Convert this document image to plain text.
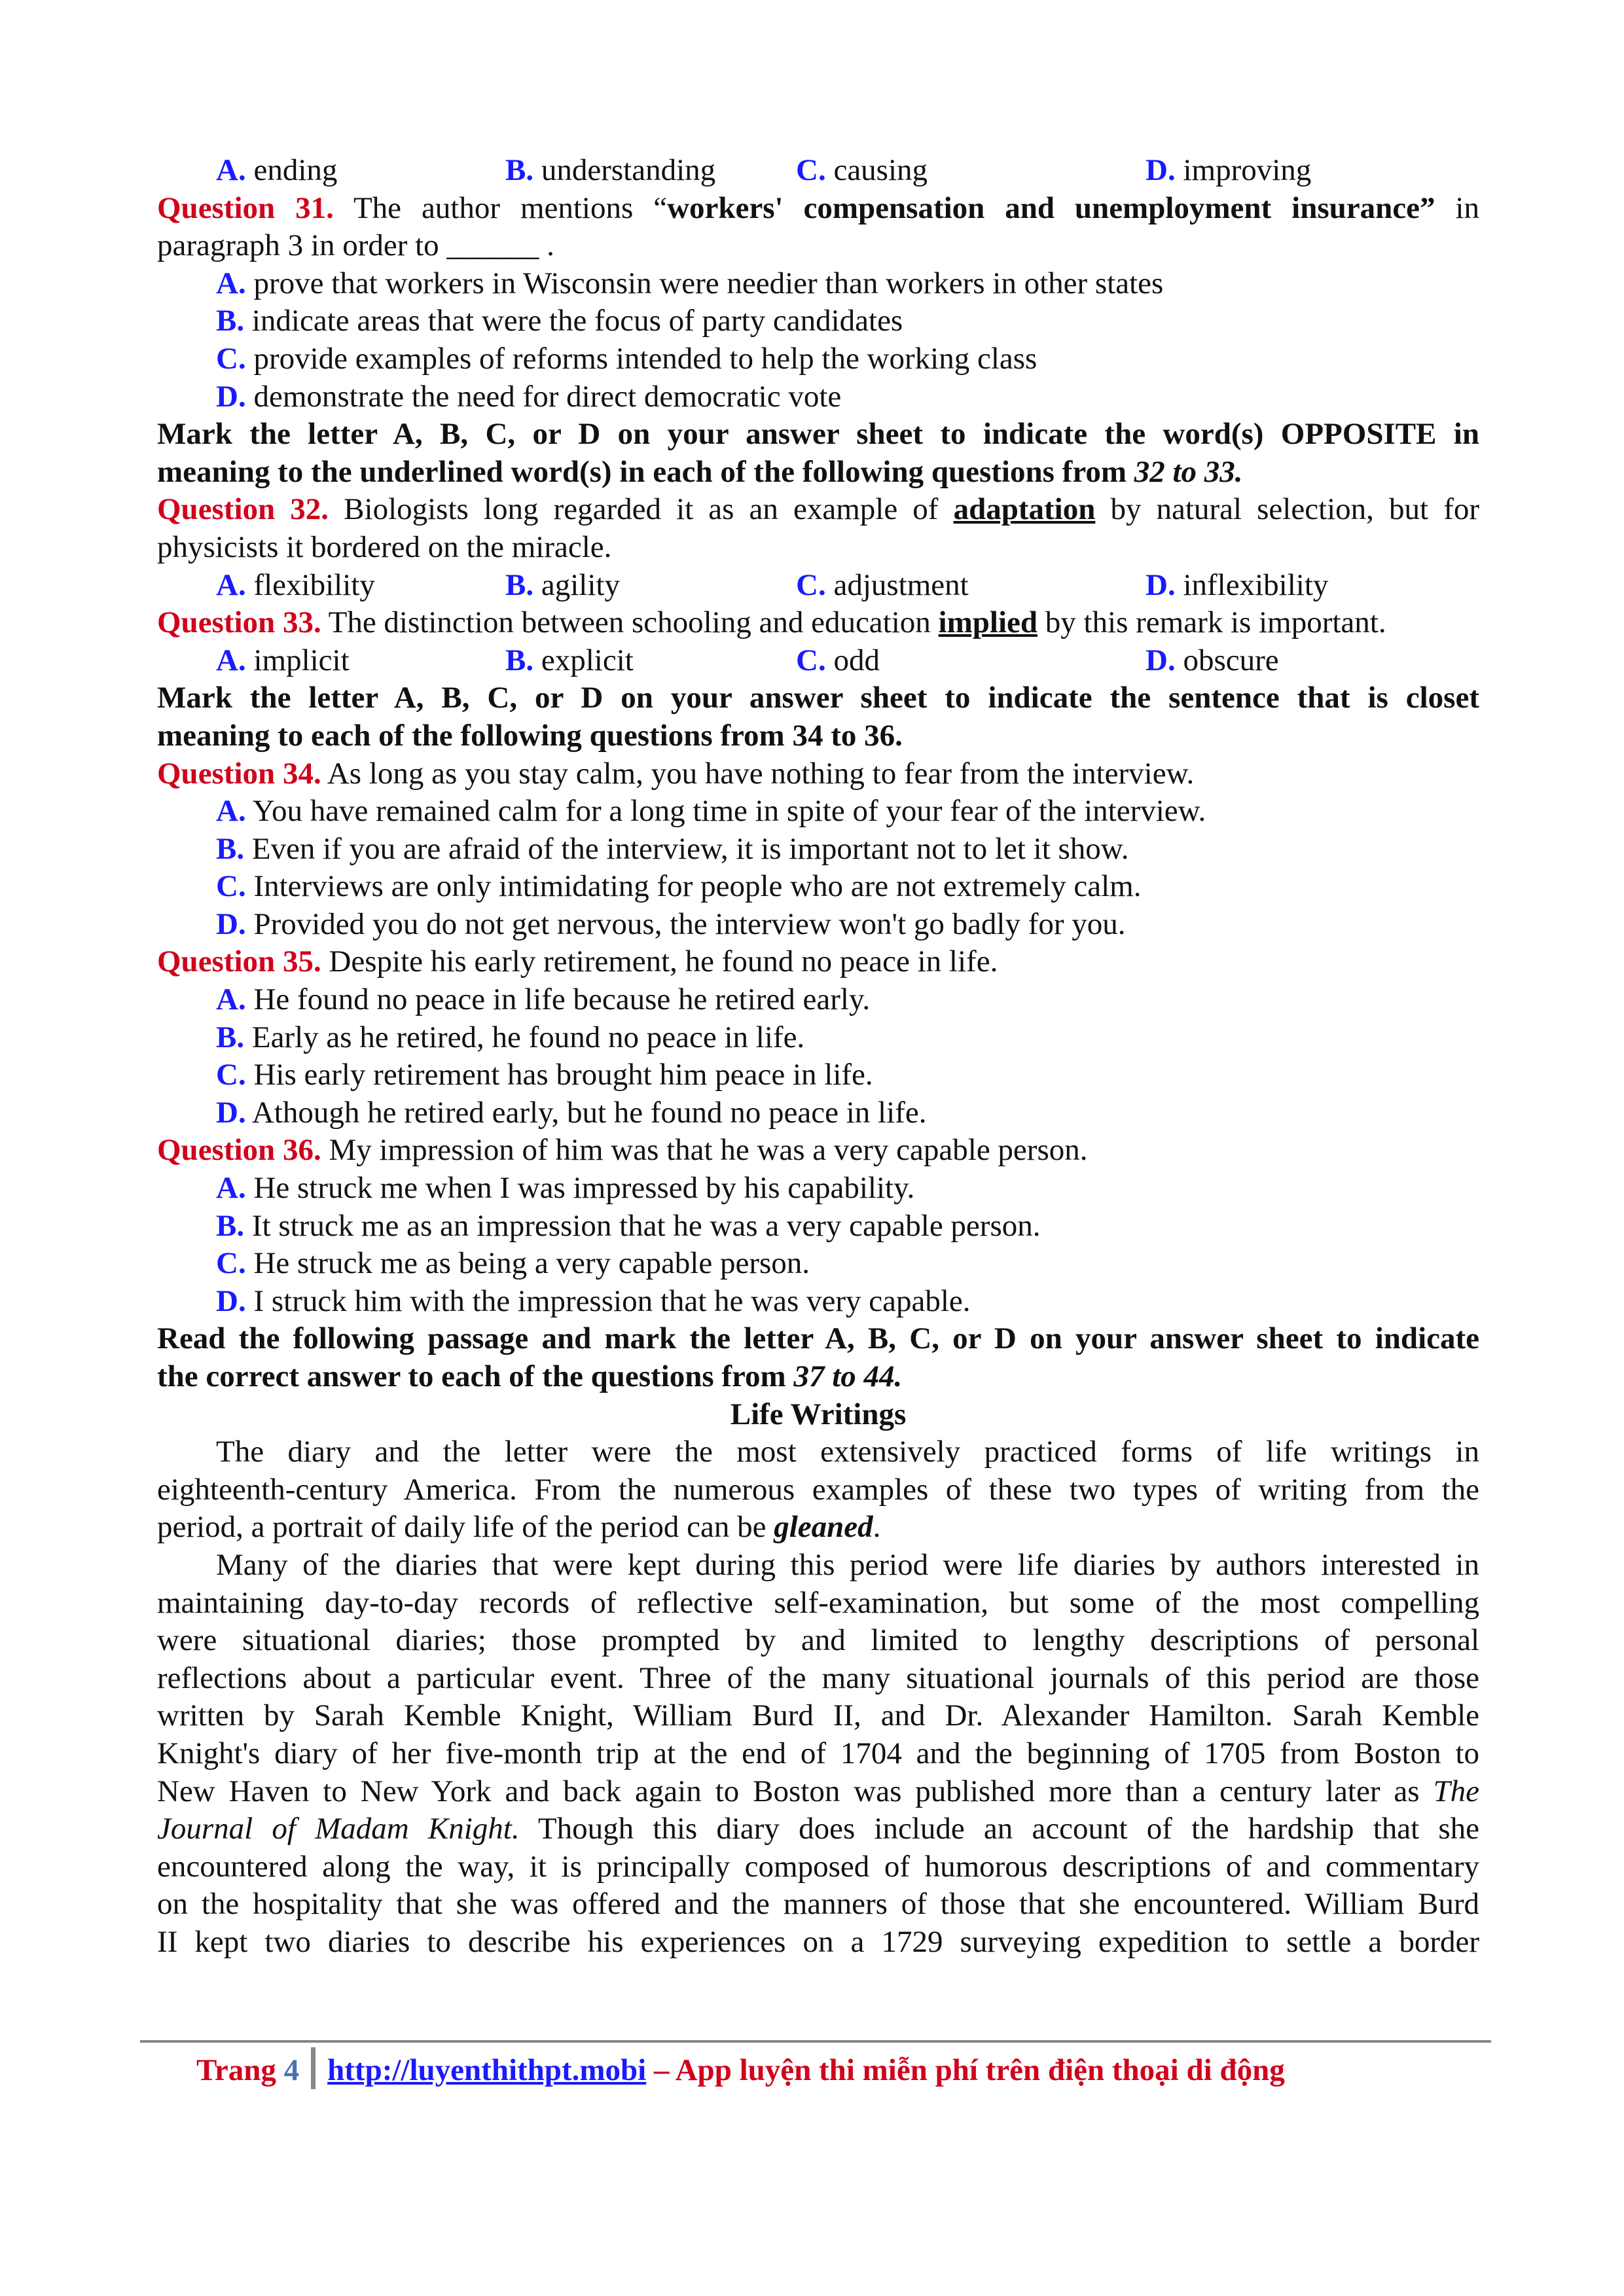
A. ending	B. understanding	C. causing	D. improving
Question 31. The author mentions “workers' compensation and unemployment insurance” in
paragraph 3 in order to ______ .
A. prove that workers in Wisconsin were needier than workers in other states
B. indicate areas that were the focus of party candidates
C. provide examples of reforms intended to help the working class
D. demonstrate the need for direct democratic vote
Mark the letter A, B, C, or D on your answer sheet to indicate the word(s) OPPOSITE in
meaning to the underlined word(s) in each of the following questions from 32 to 33.
Question 32. Biologists long regarded it as an example of adaptation by natural selection, but for
physicists it bordered on the miracle.
A. flexibility	B. agility	C. adjustment	D. inflexibility
Question 33. The distinction between schooling and education implied by this remark is important.
A. implicit	B. explicit	C. odd	D. obscure
Mark the letter A, B, C, or D on your answer sheet to indicate the sentence that is closet
meaning to each of the following questions from 34 to 36.
Question 34. As long as you stay calm, you have nothing to fear from the interview.
A. You have remained calm for a long time in spite of your fear of the interview.
B. Even if you are afraid of the interview, it is important not to let it show.
C. Interviews are only intimidating for people who are not extremely calm.
D. Provided you do not get nervous, the interview won't go badly for you.
Question 35. Despite his early retirement, he found no peace in life.
A. He found no peace in life because he retired early.
B. Early as he retired, he found no peace in life.
C. His early retirement has brought him peace in life.
D. Athough he retired early, but he found no peace in life.
Question 36. My impression of him was that he was a very capable person.
A. He struck me when I was impressed by his capability.
B. It struck me as an impression that he was a very capable person.
C. He struck me as being a very capable person.
D. I struck him with the impression that he was very capable.
Read the following passage and mark the letter A, B, C, or D on your answer sheet to indicate
the correct answer to each of the questions from 37 to 44.
Life Writings
The diary and the letter were the most extensively practiced forms of life writings in
eighteenth-century America. From the numerous examples of these two types of writing from the
period, a portrait of daily life of the period can be gleaned.
Many of the diaries that were kept during this period were life diaries by authors interested in
maintaining day-to-day records of reflective self-examination, but some of the most compelling
were situational diaries; those prompted by and limited to lengthy descriptions of personal
reflections about a particular event. Three of the many situational journals of this period are those
written by Sarah Kemble Knight, William Burd II, and Dr. Alexander Hamilton. Sarah Kemble
Knight's diary of her five-month trip at the end of 1704 and the beginning of 1705 from Boston to
New Haven to New York and back again to Boston was published more than a century later as The
Journal of Madam Knight. Though this diary does include an account of the hardship that she
encountered along the way, it is principally composed of humorous descriptions of and commentary
on the hospitality that she was offered and the manners of those that she encountered. William Burd
II kept two diaries to describe his experiences on a 1729 surveying expedition to settle a border
Trang 4 http://luyenthithpt.mobi – App luyện thi miễn phí trên điện thoại di động
